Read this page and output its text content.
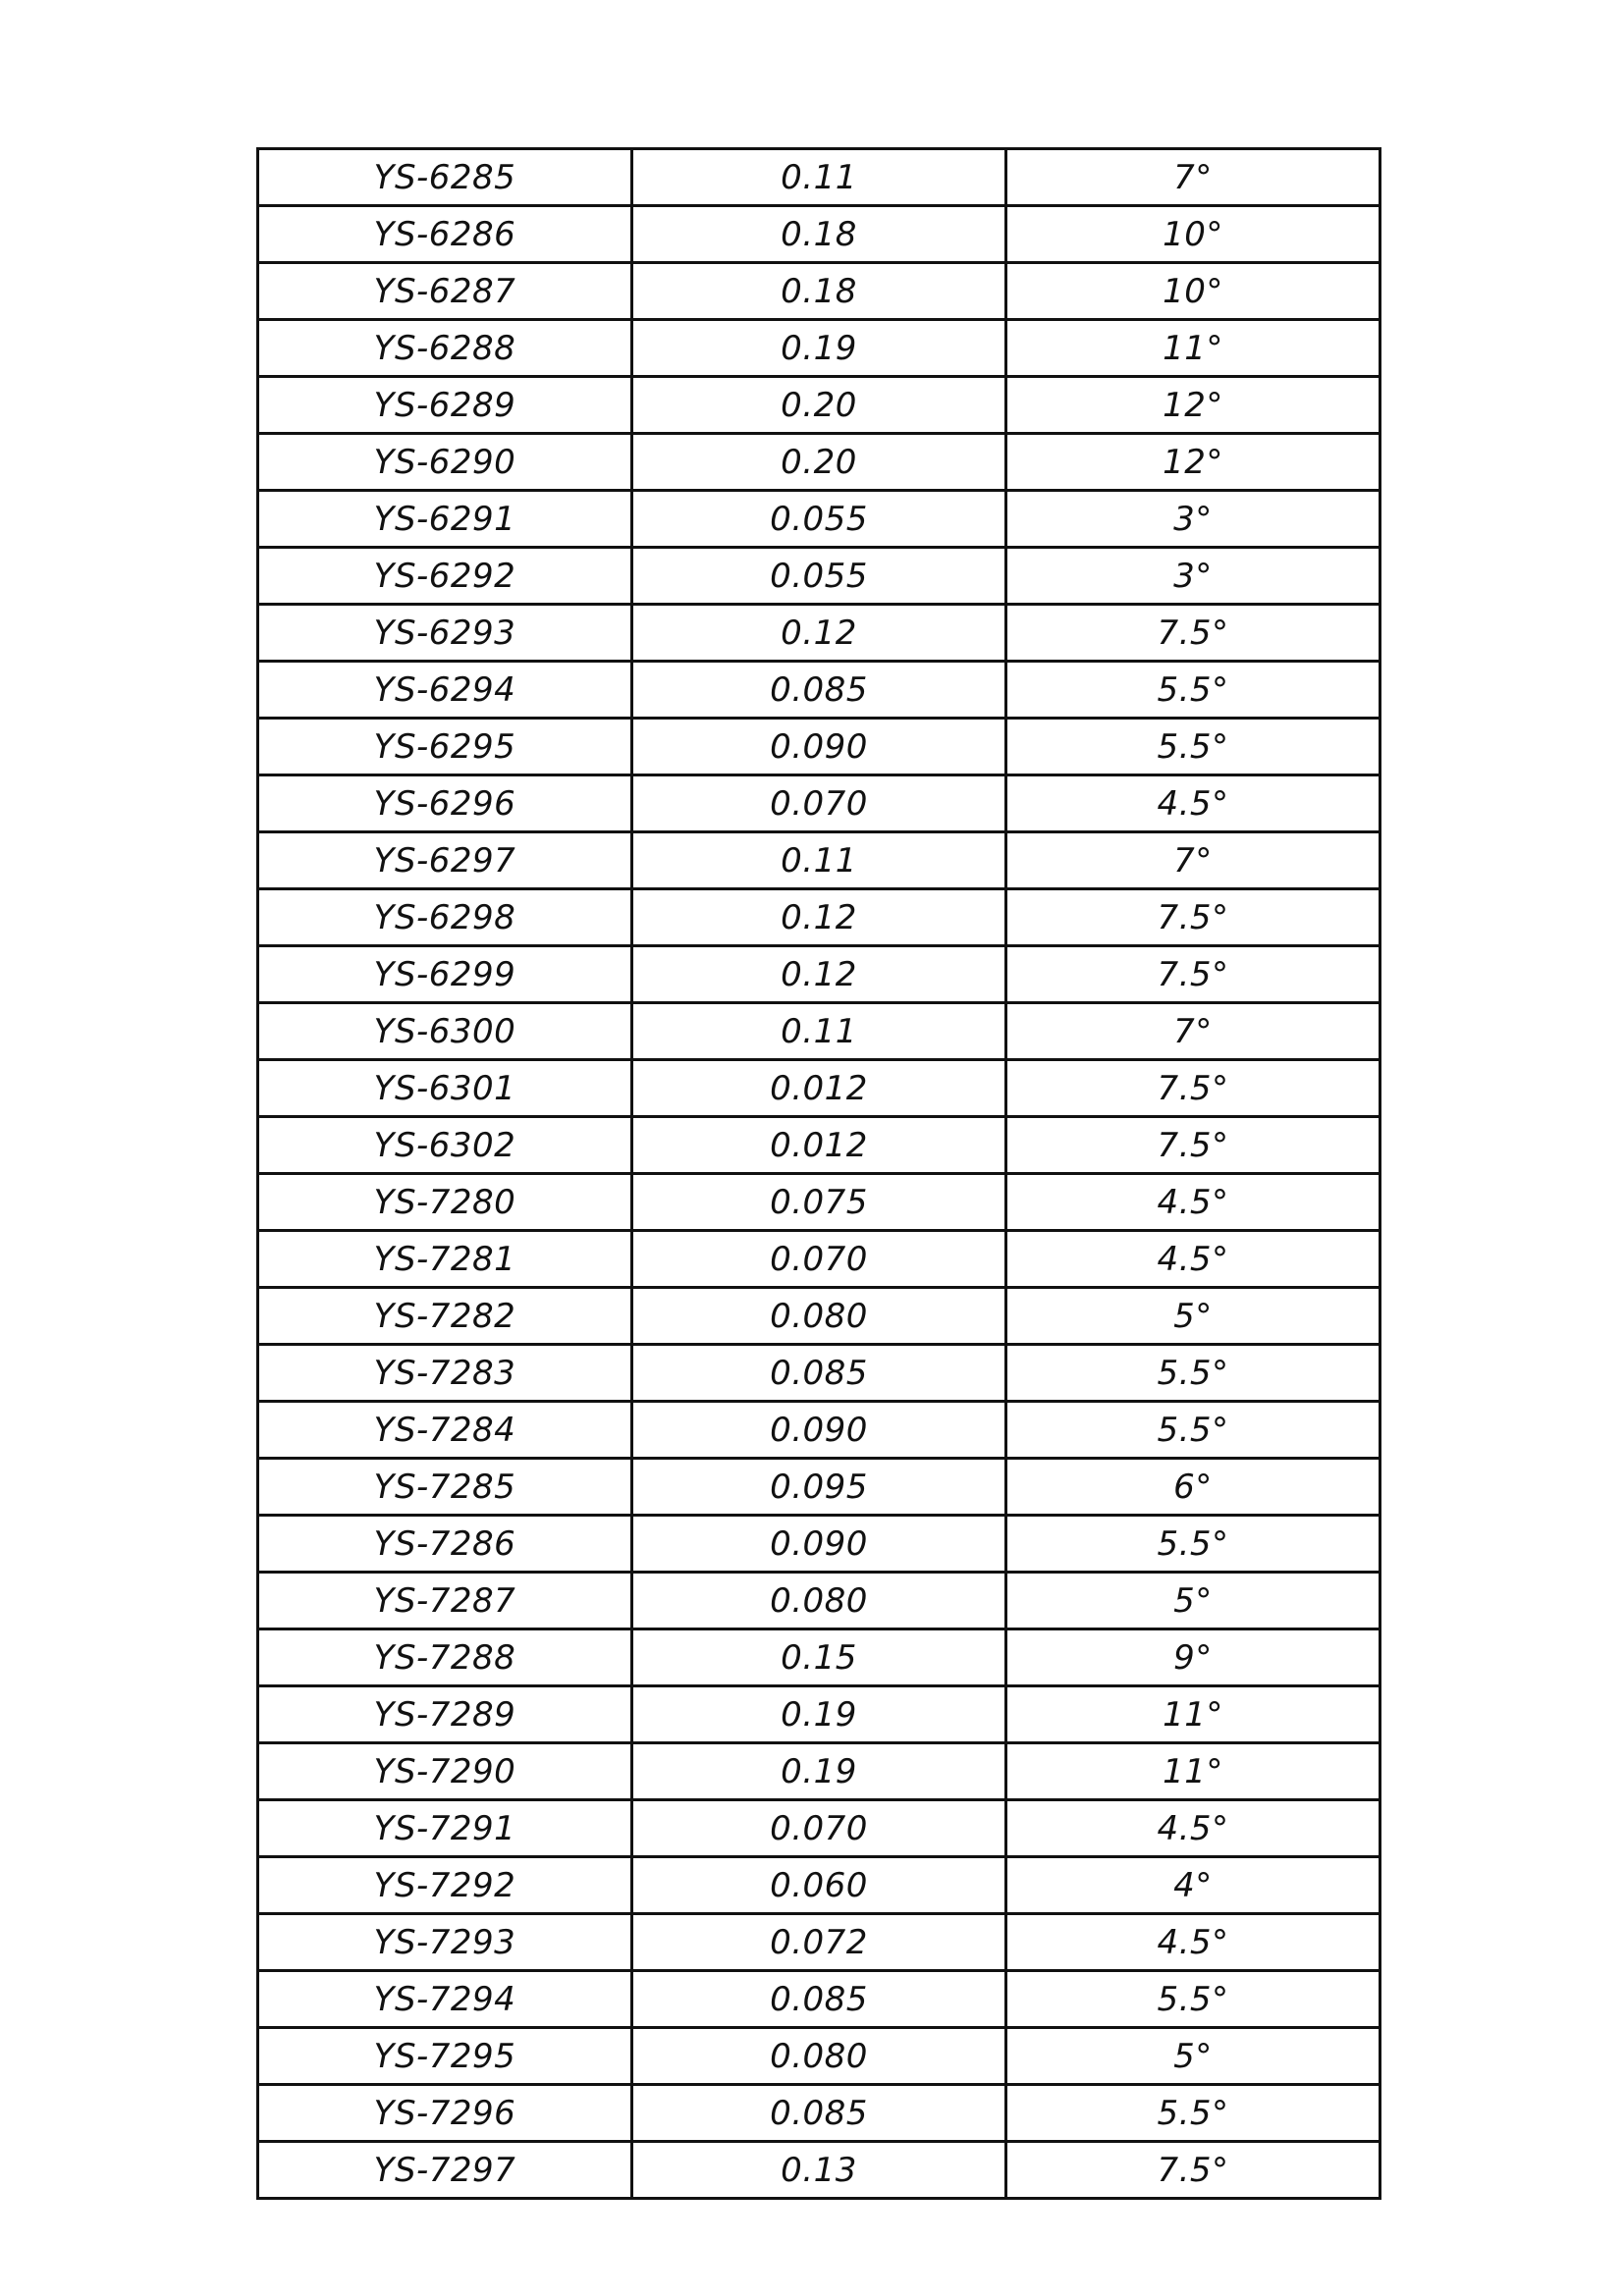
YS-6285	0.11	7°
YS-6286	0.18	10°
YS-6287	0.18	10°
YS-6288	0.19	11°
YS-6289	0.20	12°
YS-6290	0.20	12°
YS-6291	0.055	3°
YS-6292	0.055	3°
YS-6293	0.12	7.5°
YS-6294	0.085	5.5°
YS-6295	0.090	5.5°
YS-6296	0.070	4.5°
YS-6297	0.11	7°
YS-6298	0.12	7.5°
YS-6299	0.12	7.5°
YS-6300	0.11	7°
YS-6301	0.012	7.5°
YS-6302	0.012	7.5°
YS-7280	0.075	4.5°
YS-7281	0.070	4.5°
YS-7282	0.080	5°
YS-7283	0.085	5.5°
YS-7284	0.090	5.5°
YS-7285	0.095	6°
YS-7286	0.090	5.5°
YS-7287	0.080	5°
YS-7288	0.15	9°
YS-7289	0.19	11°
YS-7290	0.19	11°
YS-7291	0.070	4.5°
YS-7292	0.060	4°
YS-7293	0.072	4.5°
YS-7294	0.085	5.5°
YS-7295	0.080	5°
YS-7296	0.085	5.5°
YS-7297	0.13	7.5°
